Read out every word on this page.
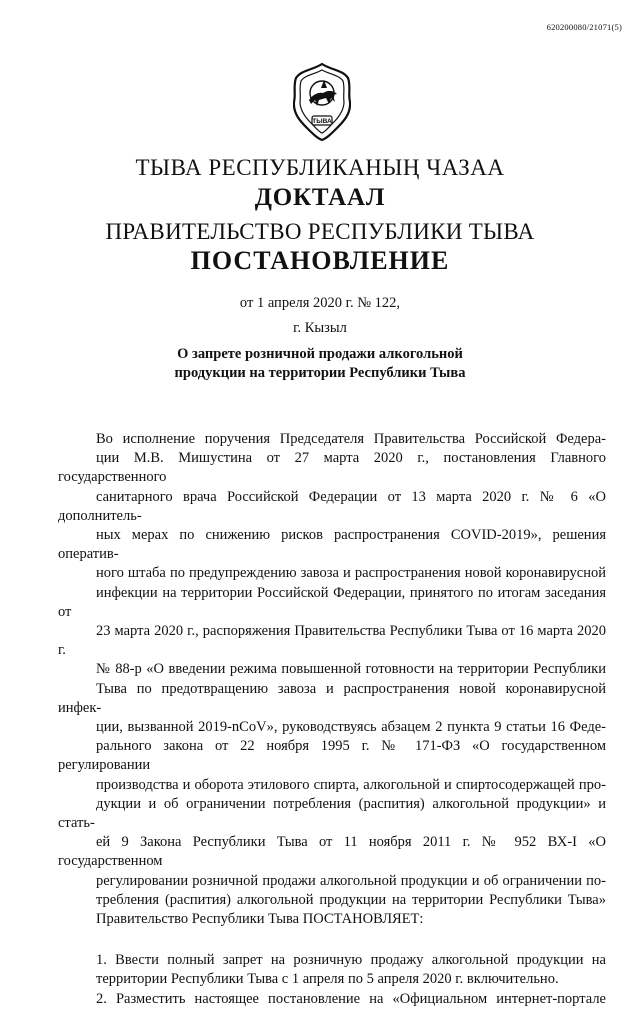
620200080/21071(5)
ТЫВА
ТЫВА РЕСПУБЛИКАНЫҢ ЧАЗАА
ДОКТААЛ
ПРАВИТЕЛЬСТВО РЕСПУБЛИКИ ТЫВА
ПОСТАНОВЛЕНИЕ
от 1 апреля 2020 г. № 122,
г. Кызыл
О запрете розничной продажи алкогольной
продукции на территории Республики Тыва

Во исполнение поручения Председателя Правительства Российской Федера-
ции М.В. Мишустина от 27 марта 2020 г., постановления Главного государственного
санитарного врача Российской Федерации от 13 марта 2020 г. № 6 «О дополнитель-
ных мерах по снижению рисков распространения COVID-2019», решения оператив-
ного штаба по предупреждению завоза и распространения новой коронавирусной
инфекции на территории Российской Федерации, принятого по итогам заседания от
23 марта 2020 г., распоряжения Правительства Республики Тыва от 16 марта 2020 г.
№ 88-р «О введении режима повышенной готовности на территории Республики
Тыва по предотвращению завоза и распространения новой коронавирусной инфек-
ции, вызванной 2019-nCoV», руководствуясь абзацем 2 пункта 9 статьи 16 Феде-
рального закона от 22 ноября 1995 г. № 171-ФЗ «О государственном регулировании
производства и оборота этилового спирта, алкогольной и спиртосодержащей про-
дукции и об ограничении потребления (распития) алкогольной продукции» и стать-
ей 9 Закона Республики Тыва от 11 ноября 2011 г. № 952 ВХ-I «О государственном
регулировании розничной продажи алкогольной продукции и об ограничении по-
требления (распития) алкогольной продукции на территории Республики Тыва»
Правительство Республики Тыва ПОСТАНОВЛЯЕТ:

1. Ввести полный запрет на розничную продажу алкогольной продукции на
территории Республики Тыва с 1 апреля по 5 апреля 2020 г. включительно.

2. Разместить настоящее постановление на «Официальном интернет-портале
